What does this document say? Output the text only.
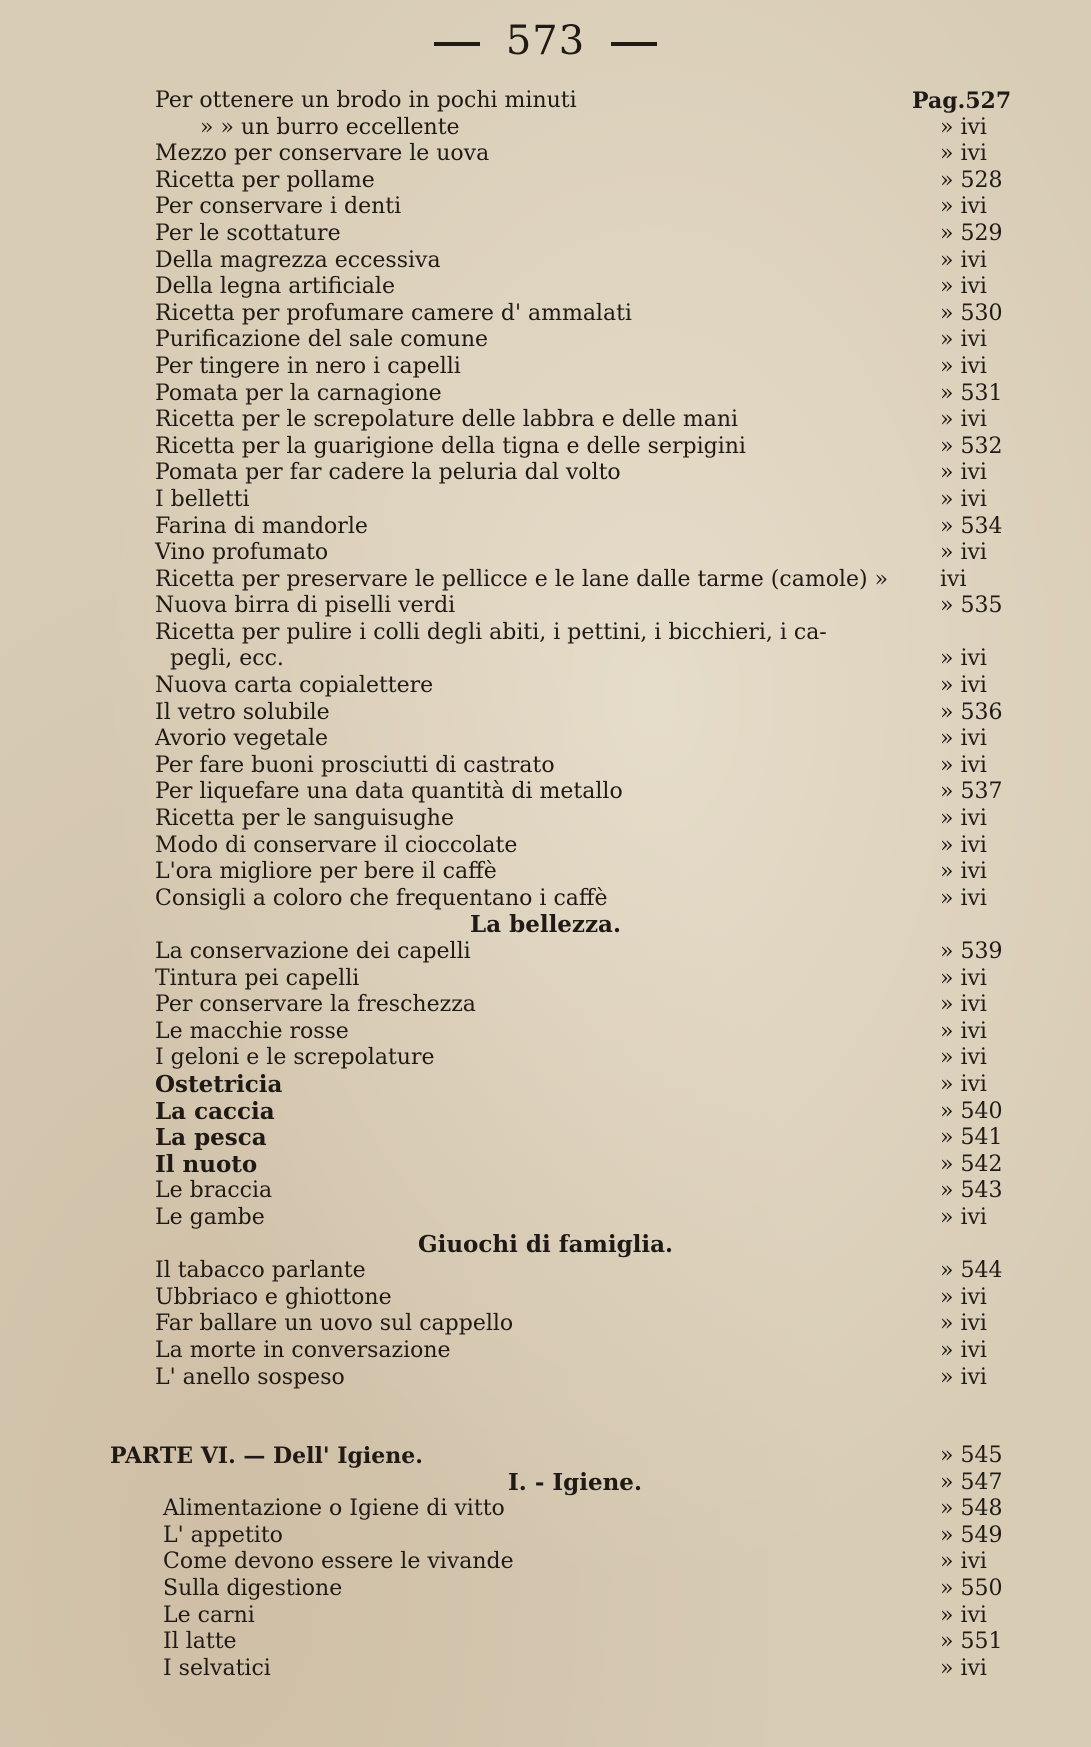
573
Per ottenere un brodo in pochi minuti	Pag.527
» » un burro eccellente	» ivi
Mezzo per conservare le uova	» ivi
Ricetta per pollame	» 528
Per conservare i denti	» ivi
Per le scottature	» 529
Della magrezza eccessiva	» ivi
Della legna artificiale	» ivi
Ricetta per profumare camere d' ammalati	» 530
Purificazione del sale comune	» ivi
Per tingere in nero i capelli	» ivi
Pomata per la carnagione	» 531
Ricetta per le screpolature delle labbra e delle mani	» ivi
Ricetta per la guarigione della tigna e delle serpigini	» 532
Pomata per far cadere la peluria dal volto	» ivi
I belletti	» ivi
Farina di mandorle	» 534
Vino profumato	» ivi
Ricetta per preservare le pellicce e le lane dalle tarme (camole) » ivi
Nuova birra di piselli verdi	» 535
Ricetta per pulire i colli degli abiti, i pettini, i bicchieri, i ca-
pegli, ecc.	» ivi
Nuova carta copialettere	» ivi
Il vetro solubile	» 536
Avorio vegetale	» ivi
Per fare buoni prosciutti di castrato	» ivi
Per liquefare una data quantità di metallo	» 537
Ricetta per le sanguisughe	» ivi
Modo di conservare il cioccolate	» ivi
L'ora migliore per bere il caffè	» ivi
Consigli a coloro che frequentano i caffè	» ivi
La bellezza.
La conservazione dei capelli	» 539
Tintura pei capelli	» ivi
Per conservare la freschezza	» ivi
Le macchie rosse	» ivi
I geloni e le screpolature	» ivi
Ostetricia	» ivi
La caccia	» 540
La pesca	» 541
Il nuoto	» 542
Le braccia	» 543
Le gambe	» ivi
Giuochi di famiglia.
Il tabacco parlante	» 544
Ubbriaco e ghiottone	» ivi
Far ballare un uovo sul cappello	» ivi
La morte in conversazione	» ivi
L' anello sospeso	» ivi
PARTE VI. — Dell' Igiene.	» 545
I. - Igiene.	» 547
Alimentazione o Igiene di vitto	» 548
L' appetito	» 549
Come devono essere le vivande	» ivi
Sulla digestione	» 550
Le carni	» ivi
Il latte	» 551
I selvatici	» ivi
